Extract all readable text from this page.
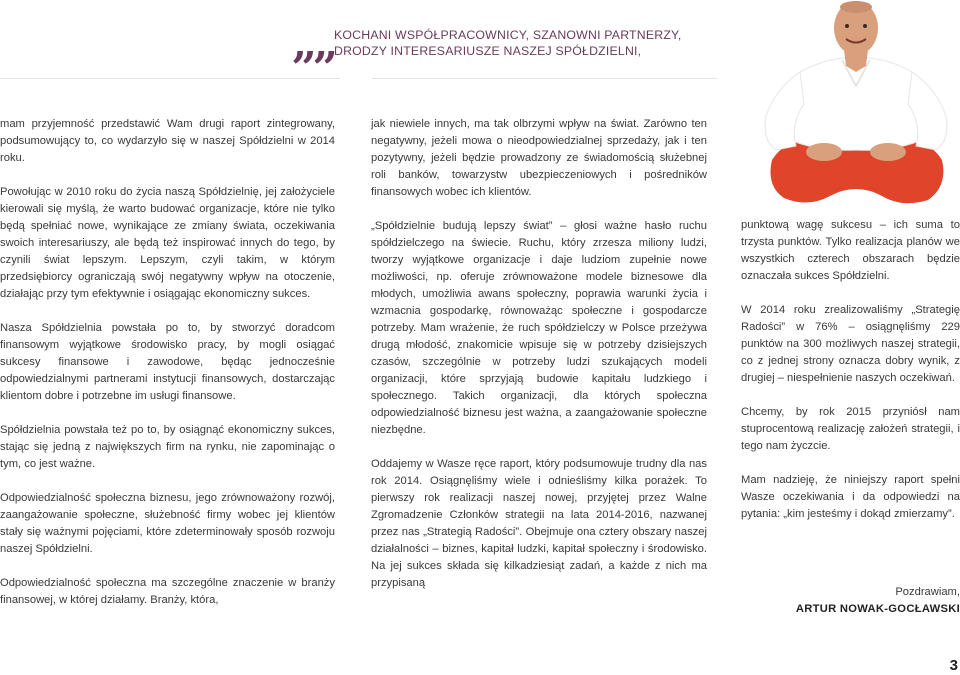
„„ KOCHANI WSPÓŁPRACOWNICY, SZANOWNI PARTNERZY,
DRODZY INTERESARIUSZE NASZEJ SPÓŁDZIELNI,

mam przyjemność przedstawić Wam drugi raport zintegrowany, podsumowujący to, co wydarzyło się w naszej Spółdzielni w 2014 roku.

Powołując w 2010 roku do życia naszą Spółdzielnię, jej założyciele kierowali się myślą, że warto budować organizacje, które nie tylko będą spełniać nowe, wynikające ze zmiany świata, oczekiwania swoich interesariuszy, ale będą też inspirować innych do tego, by czynili świat lepszym. Lepszym, czyli takim, w którym przedsiębiorcy ograniczają swój negatywny wpływ na otoczenie, działając przy tym efektywnie i osiągając ekonomiczny sukces.

Nasza Spółdzielnia powstała po to, by stworzyć doradcom finansowym wyjątkowe środowisko pracy, by mogli osiągać sukcesy finansowe i zawodowe, będąc jednocześnie odpowiedzialnymi partnerami instytucji finansowych, dostarczając klientom dobre i potrzebne im usługi finansowe.

Spółdzielnia powstała też po to, by osiągnąć ekonomiczny sukces, stając się jedną z największych firm na rynku, nie zapominając o tym, co jest ważne.

Odpowiedzialność społeczna biznesu, jego zrównoważony rozwój, zaangażowanie społeczne, służebność firmy wobec jej klientów stały się ważnymi pojęciami, które zdeterminowały sposób rozwoju naszej Spółdzielni.

Odpowiedzialność społeczna ma szczególne znaczenie w branży finansowej, w której działamy. Branży, która,

jak niewiele innych, ma tak olbrzymi wpływ na świat. Zarówno ten negatywny, jeżeli mowa o nieodpowiedzialnej sprzedaży, jak i ten pozytywny, jeżeli będzie prowadzony ze świadomością służebnej roli banków, towarzystw ubezpieczeniowych i pośredników finansowych wobec ich klientów.

„Spółdzielnie budują lepszy świat” – głosi ważne hasło ruchu spółdzielczego na świecie. Ruchu, który zrzesza miliony ludzi, tworzy wyjątkowe organizacje i daje ludziom zupełnie nowe możliwości, np. oferuje zrównoważone modele biznesowe dla młodych, umożliwia awans społeczny, poprawia warunki życia i wzmacnia gospodarkę, równoważąc społeczne i gospodarcze potrzeby. Mam wrażenie, że ruch spółdzielczy w Polsce przeżywa drugą młodość, znakomicie wpisuje się w potrzeby dzisiejszych czasów, szczególnie w potrzeby ludzi szukających modeli organizacji, które sprzyjają budowie kapitału ludzkiego i społecznego. Takich organizacji, dla których społeczna odpowiedzialność biznesu jest ważna, a zaangażowanie społeczne niezbędne.

Oddajemy w Wasze ręce raport, który podsumowuje trudny dla nas rok 2014. Osiągnęliśmy wiele i odnieśliśmy kilka porażek. To pierwszy rok realizacji naszej nowej, przyjętej przez Walne Zgromadzenie Członków strategii na lata 2014-2016, nazwanej przez nas „Strategią Radości”. Obejmuje ona cztery obszary naszej działalności – biznes, kapitał ludzki, kapitał społeczny i środowisko. Na jej sukces składa się kilkadziesiąt zadań, a każde z nich ma przypisaną

punktową wagę sukcesu – ich suma to trzysta punktów. Tylko realizacja planów we wszystkich czterech obszarach będzie oznaczała sukces Spółdzielni.

W 2014 roku zrealizowaliśmy „Strategię Radości” w 76% – osiągnęliśmy 229 punktów na 300 możliwych naszej strategii, co z jednej strony oznacza dobry wynik, z drugiej – niespełnienie naszych oczekiwań.

Chcemy, by rok 2015 przyniósł nam stuprocentową realizację założeń strategii, i tego nam życzcie.

Mam nadzieję, że niniejszy raport spełni Wasze oczekiwania i da odpowiedzi na pytania: „kim jesteśmy i dokąd zmierzamy”.

Pozdrawiam,
ARTUR NOWAK-GOCŁAWSKI
3
